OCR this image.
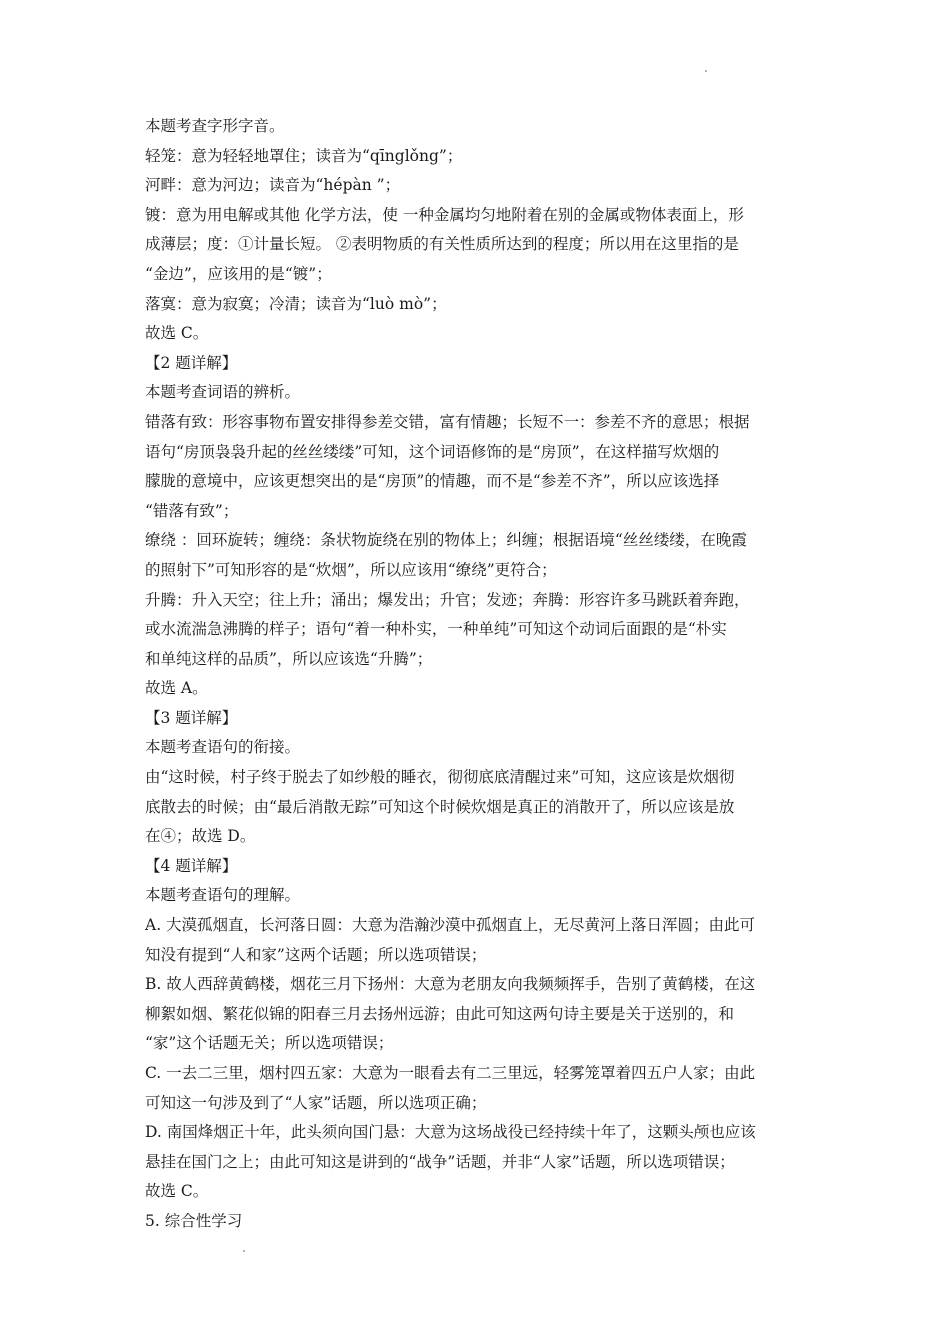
本题考查字形字音。
轻笼：意为轻轻地罩住；读音为“qīnglǒng”；
河畔：意为河边；读音为“hépàn ”；
镀：意为用电解或其他 化学方法，使 一种金属均匀地附着在别的金属或物体表面上，形
成薄层；度：①计量长短。 ②表明物质的有关性质所达到的程度；所以用在这里指的是
“金边”，应该用的是“镀”；
落寞：意为寂寞；冷清；读音为“luò mò”；
故选 C。
【2 题详解】
本题考查词语的辨析。
错落有致：形容事物布置安排得参差交错，富有情趣；长短不一：参差不齐的意思；根据
语句“房顶袅袅升起的丝丝缕缕”可知，这个词语修饰的是“房顶”，在这样描写炊烟的
朦胧的意境中，应该更想突出的是“房顶”的情趣，而不是“参差不齐”，所以应该选择
“错落有致”；
缭绕 ：回环旋转；缠绕：条状物旋绕在别的物体上；纠缠；根据语境“丝丝缕缕，在晚霞
的照射下”可知形容的是“炊烟”，所以应该用“缭绕”更符合；
升腾：升入天空；往上升；涌出；爆发出；升官；发迹；奔腾：形容许多马跳跃着奔跑，
或水流湍急沸腾的样子；语句“着一种朴实，一种单纯”可知这个动词后面跟的是“朴实
和单纯这样的品质”，所以应该选“升腾”；
故选 A。
【3 题详解】
本题考查语句的衔接。
由“这时候，村子终于脱去了如纱般的睡衣，彻彻底底清醒过来”可知，这应该是炊烟彻
底散去的时候；由“最后消散无踪”可知这个时候炊烟是真正的消散开了，所以应该是放
在④；故选 D。
【4 题详解】
本题考查语句的理解。
A. 大漠孤烟直，长河落日圆：大意为浩瀚沙漠中孤烟直上，无尽黄河上落日浑圆；由此可
知没有提到“人和家”这两个话题；所以选项错误；
B. 故人西辞黄鹤楼，烟花三月下扬州：大意为老朋友向我频频挥手，告别了黄鹤楼，在这
柳絮如烟、繁花似锦的阳春三月去扬州远游；由此可知这两句诗主要是关于送别的，和
“家”这个话题无关；所以选项错误；
C. 一去二三里，烟村四五家：大意为一眼看去有二三里远，轻雾笼罩着四五户人家；由此
可知这一句涉及到了“人家”话题，所以选项正确；
D. 南国烽烟正十年，此头须向国门悬：大意为这场战役已经持续十年了，这颗头颅也应该
悬挂在国门之上；由此可知这是讲到的“战争”话题，并非“人家”话题，所以选项错误；
故选 C。
5. 综合性学习
